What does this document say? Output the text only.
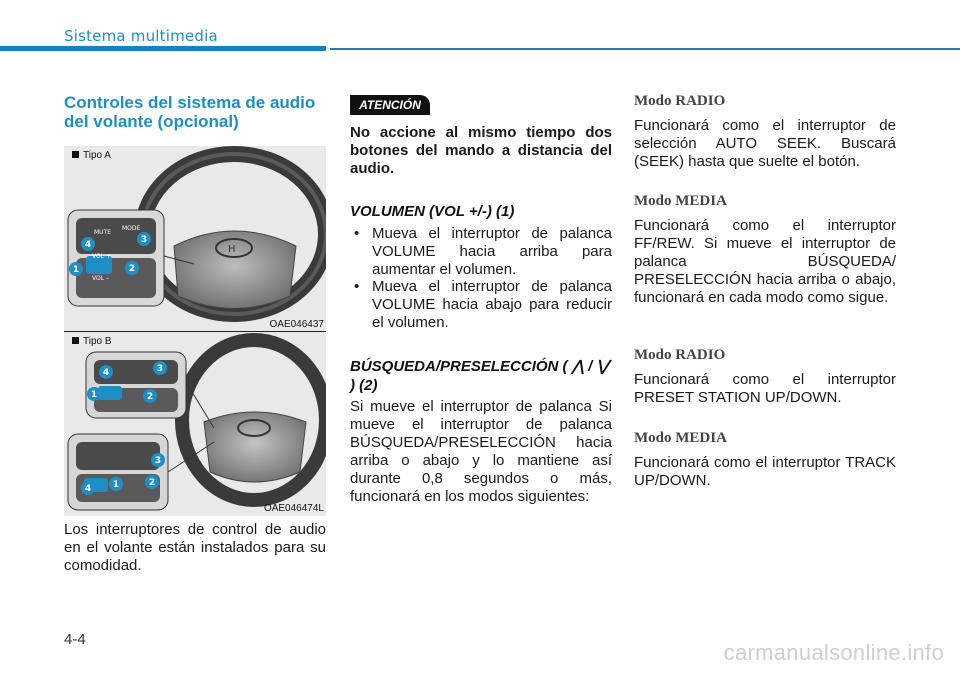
Sistema multimedia
Controles del sistema de audio del volante (opcional)
H
MUTE
MODE
VOL +
VOL –
4	3
1	2
Tipo A
OAE046437
4	3
1	2
3
4 1	2
Tipo B
OAE046474L
Los interruptores de control de audio en el volante están instalados para su comodidad.
ATENCIÓN
No accione al mismo tiempo dos botones del mando a distancia del audio.
VOLUMEN (VOL +/-) (1)
• Mueva el interruptor de palanca VOLUME hacia arriba para aumentar el volumen.
• Mueva el interruptor de palanca VOLUME hacia abajo para reducir el volumen.
BÚSQUEDA/PRESELECCIÓN ( ⋀ / ⋁ ) (2)
Si mueve el interruptor de palanca Si mueve el interruptor de palanca BÚSQUEDA/PRESELECCIÓN hacia arriba o abajo y lo mantiene así durante 0,8 segundos o más, funcionará en los modos siguientes:
Modo RADIO
Funcionará como el interruptor de selección AUTO SEEK. Buscará (SEEK) hasta que suelte el botón.
Modo MEDIA
Funcionará como el interruptor FF/REW. Si mueve el interruptor de palanca BÚSQUEDA/ PRESELECCIÓN hacia arriba o abajo, funcionará en cada modo como sigue.
Modo RADIO
Funcionará como el interruptor PRESET STATION UP/DOWN.
Modo MEDIA
Funcionará como el interruptor TRACK UP/DOWN.
4-4
carmanualsonline.info
